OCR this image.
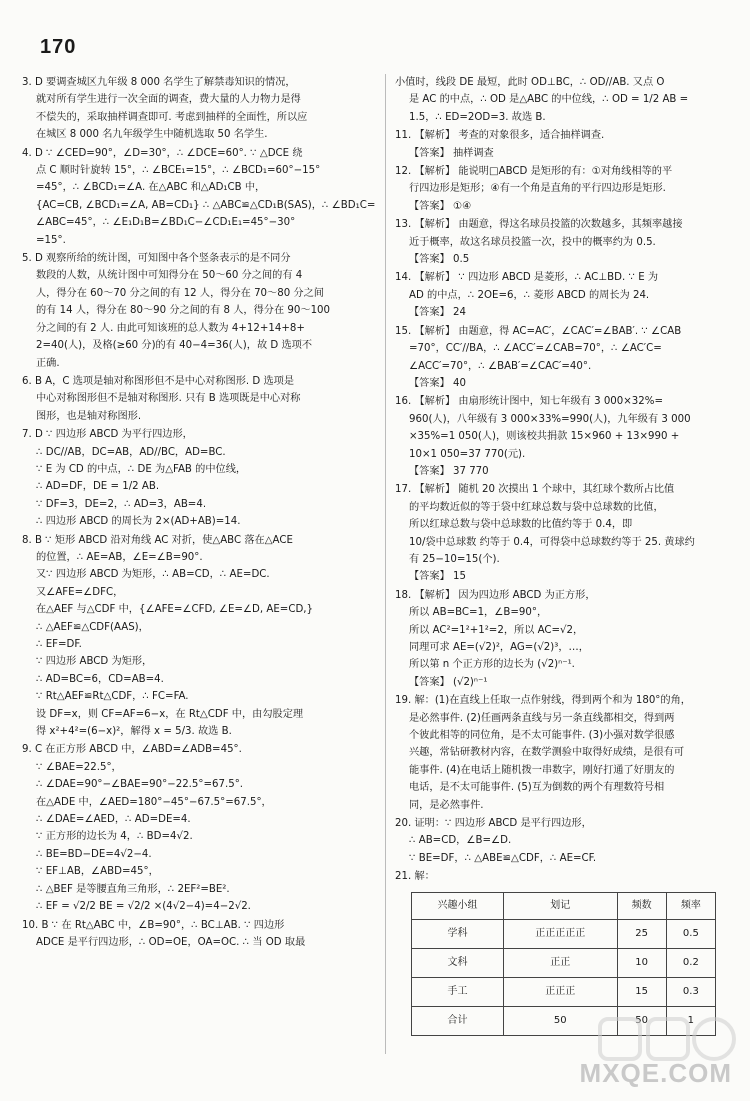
170
3. D 要调查城区九年级 8 000 名学生了解禁毒知识的情况，
就对所有学生进行一次全面的调查，费大量的人力物力是得
不偿失的，采取抽样调查即可. 考虑到抽样的全面性，所以应
在城区 8 000 名九年级学生中随机选取 50 名学生.
4. D ∵ ∠CED=90°，∠D=30°，∴ ∠DCE=60°. ∵ △DCE 绕
点 C 顺时针旋转 15°，∴ ∠BCE₁=15°，∴ ∠BCD₁=60°−15°
=45°，∴ ∠BCD₁=∠A. 在△ABC 和△AD₁CB 中，
{AC=CB, ∠BCD₁=∠A, AB=CD₁} ∴ △ABC≌△CD₁B(SAS)，∴ ∠BD₁C=
∠ABC=45°，∴ ∠E₁D₁B=∠BD₁C−∠CD₁E₁=45°−30°
=15°.
5. D 观察所给的统计图，可知图中各个竖条表示的是不同分
数段的人数，从统计图中可知得分在 50～60 分之间的有 4
人，得分在 60～70 分之间的有 12 人，得分在 70～80 分之间
的有 14 人，得分在 80～90 分之间的有 8 人，得分在 90～100
分之间的有 2 人. 由此可知该班的总人数为 4+12+14+8+
2=40(人)，及格(≥60 分)的有 40−4=36(人)，故 D 选项不
正确.
6. B A，C 选项是轴对称图形但不是中心对称图形. D 选项是
中心对称图形但不是轴对称图形. 只有 B 选项既是中心对称
图形，也是轴对称图形.
7. D ∵ 四边形 ABCD 为平行四边形，
∴ DC//AB，DC=AB，AD//BC，AD=BC.
∵ E 为 CD 的中点，∴ DE 为△FAB 的中位线，
∴ AD=DF，DE = 1/2 AB.
∵ DF=3，DE=2，∴ AD=3，AB=4.
∴ 四边形 ABCD 的周长为 2×(AD+AB)=14.
8. B ∵ 矩形 ABCD 沿对角线 AC 对折，使△ABC 落在△ACE
的位置，∴ AE=AB，∠E=∠B=90°.
又∵ 四边形 ABCD 为矩形，∴ AB=CD，∴ AE=DC.
又∠AFE=∠DFC，
在△AEF 与△CDF 中，{∠AFE=∠CFD, ∠E=∠D, AE=CD,}
∴ △AEF≌△CDF(AAS)，
∴ EF=DF.
∵ 四边形 ABCD 为矩形，
∴ AD=BC=6，CD=AB=4.
∵ Rt△AEF≌Rt△CDF，∴ FC=FA.
设 DF=x，则 CF=AF=6−x，在 Rt△CDF 中，由勾股定理
得 x²+4²=(6−x)²，解得 x = 5/3. 故选 B.
9. C 在正方形 ABCD 中，∠ABD=∠ADB=45°.
∵ ∠BAE=22.5°，
∴ ∠DAE=90°−∠BAE=90°−22.5°=67.5°.
在△ADE 中，∠AED=180°−45°−67.5°=67.5°，
∴ ∠DAE=∠AED，∴ AD=DE=4.
∵ 正方形的边长为 4，∴ BD=4√2.
∴ BE=BD−DE=4√2−4.
∵ EF⊥AB，∠ABD=45°，
∴ △BEF 是等腰直角三角形，∴ 2EF²=BE².
∴ EF = √2/2 BE = √2/2 ×(4√2−4)=4−2√2.
10. B ∵ 在 Rt△ABC 中，∠B=90°，∴ BC⊥AB. ∵ 四边形
ADCE 是平行四边形，∴ OD=OE，OA=OC. ∴ 当 OD 取最
小值时，线段 DE 最短，此时 OD⊥BC，∴ OD//AB. 又点 O
是 AC 的中点，∴ OD 是△ABC 的中位线，∴ OD = 1/2 AB =
1.5，∴ ED=2OD=3. 故选 B.
11. 【解析】 考查的对象很多，适合抽样调查.
【答案】 抽样调查
12. 【解析】 能说明□ABCD 是矩形的有：①对角线相等的平
行四边形是矩形；④有一个角是直角的平行四边形是矩形.
【答案】 ①④
13. 【解析】 由题意，得这名球员投篮的次数越多，其频率越接
近于概率，故这名球员投篮一次，投中的概率约为 0.5.
【答案】 0.5
14. 【解析】 ∵ 四边形 ABCD 是菱形，∴ AC⊥BD. ∵ E 为
AD 的中点，∴ 2OE=6，∴ 菱形 ABCD 的周长为 24.
【答案】 24
15. 【解析】 由题意，得 AC=AC′，∠CAC′=∠BAB′. ∵ ∠CAB
=70°，CC′//BA，∴ ∠ACC′=∠CAB=70°，∴ ∠AC′C=
∠ACC′=70°，∴ ∠BAB′=∠CAC′=40°.
【答案】 40
16. 【解析】 由扇形统计图中，知七年级有 3 000×32%=
960(人)，八年级有 3 000×33%=990(人)，九年级有 3 000
×35%=1 050(人)，则该校共捐款 15×960 + 13×990 +
10×1 050=37 770(元).
【答案】 37 770
17. 【解析】 随机 20 次摸出 1 个球中，其红球个数所占比值
的平均数近似的等于袋中红球总数与袋中总球数的比值，
所以红球总数与袋中总球数的比值约等于 0.4，即
10/袋中总球数 约等于 0.4，可得袋中总球数约等于 25. 黄球约
有 25−10=15(个).
【答案】 15
18. 【解析】 因为四边形 ABCD 为正方形，
所以 AB=BC=1，∠B=90°，
所以 AC²=1²+1²=2，所以 AC=√2，
同理可求 AE=(√2)²，AG=(√2)³，…，
所以第 n 个正方形的边长为 (√2)ⁿ⁻¹.
【答案】 (√2)ⁿ⁻¹
19. 解：(1)在直线上任取一点作射线，得到两个和为 180°的角，
是必然事件. (2)任画两条直线与另一条直线都相交，得到两
个彼此相等的同位角，是不太可能事件. (3)小强对数学很感
兴趣，常钻研教材内容，在数学测验中取得好成绩，是很有可
能事件. (4)在电话上随机拨一串数字，刚好打通了好朋友的
电话，是不太可能事件. (5)互为倒数的两个有理数符号相
同，是必然事件.
20. 证明：∵ 四边形 ABCD 是平行四边形，
∴ AB=CD，∠B=∠D.
∵ BE=DF，∴ △ABE≌△CDF，∴ AE=CF.
21. 解：
兴趣小组	划记	频数	频率
学科	正正正正正	25	0.5
文科	正正	10	0.2
手工	正正正	15	0.3
合计	50	50	1
MXQE.COM
